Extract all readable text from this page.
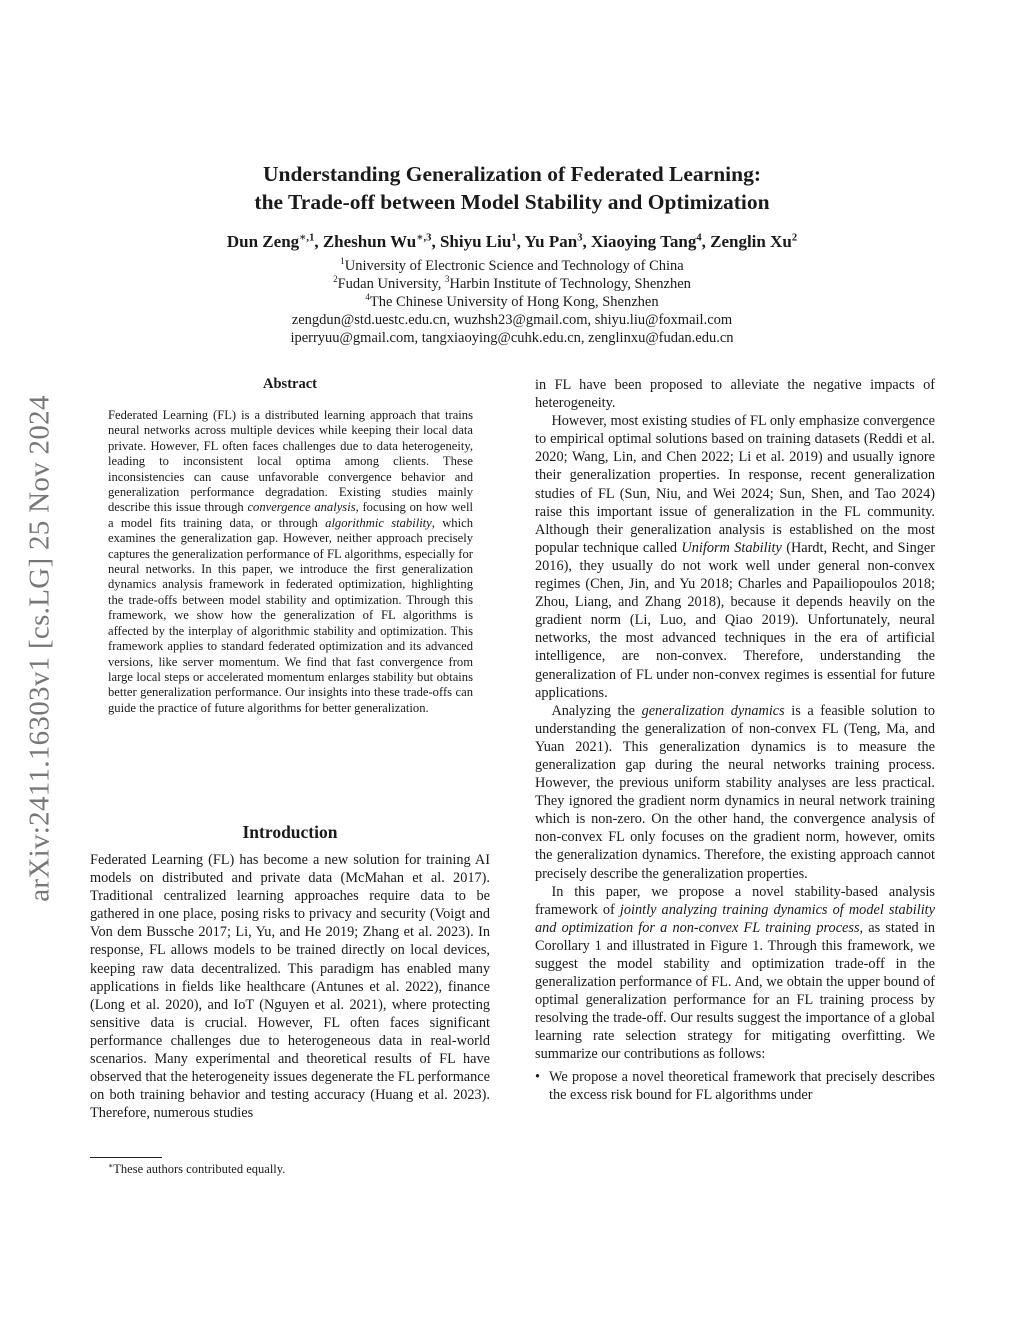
arXiv:2411.16303v1 [cs.LG] 25 Nov 2024
Understanding Generalization of Federated Learning:
the Trade-off between Model Stability and Optimization
Dun Zeng$^{∗,1}$, Zheshun $Wu^{∗,3}$, Shiyu Liu$^1$, Yu Pan$^3$, Xiaoying Tang$^4$, Zenglin Xu$^2$
$^1$University of Electronic Science and Technology of China
$^2$Fudan University, $^3$Harbin Institute of Technology, Shenzhen
$^4$The Chinese University of Hong Kong, Shenzhen
zengdun@std.uestc.edu.cn, wuzhsh23@gmail.com, shiyu.liu@foxmail.com
iperryuu@gmail.com, tangxiaoying@cuhk.edu.cn, zenglinxu@fudan.edu.cn
Abstract
Federated Learning (FL) is a distributed learning approach that trains neural networks across multiple devices while keeping their local data private. However, FL often faces challenges due to data heterogeneity, leading to inconsistent local optima among clients. These inconsistencies can cause unfavorable convergence behavior and generalization performance degradation. Existing studies mainly describe this issue through convergence analysis, focusing on how well a model fits training data, or through algorithmic stability, which examines the generalization gap. However, neither approach precisely captures the generalization performance of FL algorithms, especially for neural networks. In this paper, we introduce the first generalization dynamics analysis framework in federated optimization, highlighting the trade-offs between model stability and optimization. Through this framework, we show how the generalization of FL algorithms is affected by the interplay of algorithmic stability and optimization. This framework applies to standard federated optimization and its advanced versions, like server momentum. We find that fast convergence from large local steps or accelerated momentum enlarges stability but obtains better generalization performance. Our insights into these trade-offs can guide the practice of future algorithms for better generalization.
Introduction
Federated Learning (FL) has become a new solution for training AI models on distributed and private data (McMahan et al. 2017). Traditional centralized learning approaches require data to be gathered in one place, posing risks to privacy and security (Voigt and Von dem Bussche 2017; Li, Yu, and He 2019; Zhang et al. 2023). In response, FL allows models to be trained directly on local devices, keeping raw data decentralized. This paradigm has enabled many applications in fields like healthcare (Antunes et al. 2022), finance (Long et al. 2020), and IoT (Nguyen et al. 2021), where protecting sensitive data is crucial. However, FL often faces significant performance challenges due to heterogeneous data in real-world scenarios. Many experimental and theoretical results of FL have observed that the heterogeneity issues degenerate the FL performance on both training behavior and testing accuracy (Huang et al. 2023). Therefore, numerous studies
∗These authors contributed equally.

in FL have been proposed to alleviate the negative impacts of heterogeneity.

However, most existing studies of FL only emphasize convergence to empirical optimal solutions based on training datasets (Reddi et al. 2020; Wang, Lin, and Chen 2022; Li et al. 2019) and usually ignore their generalization properties. In response, recent generalization studies of FL (Sun, Niu, and Wei 2024; Sun, Shen, and Tao 2024) raise this important issue of generalization in the FL community. Although their generalization analysis is established on the most popular technique called Uniform Stability (Hardt, Recht, and Singer 2016), they usually do not work well under general non-convex regimes (Chen, Jin, and Yu 2018; Charles and Papailiopoulos 2018; Zhou, Liang, and Zhang 2018), because it depends heavily on the gradient norm (Li, Luo, and Qiao 2019). Unfortunately, neural networks, the most advanced techniques in the era of artificial intelligence, are non-convex. Therefore, understanding the generalization of FL under non-convex regimes is essential for future applications.

Analyzing the generalization dynamics is a feasible solution to understanding the generalization of non-convex FL (Teng, Ma, and Yuan 2021). This generalization dynamics is to measure the generalization gap during the neural networks training process. However, the previous uniform stability analyses are less practical. They ignored the gradient norm dynamics in neural network training which is non-zero. On the other hand, the convergence analysis of non-convex FL only focuses on the gradient norm, however, omits the generalization dynamics. Therefore, the existing approach cannot precisely describe the generalization properties.

In this paper, we propose a novel stability-based analysis framework of jointly analyzing training dynamics of model stability and optimization for a non-convex FL training process, as stated in Corollary 1 and illustrated in Figure 1. Through this framework, we suggest the model stability and optimization trade-off in the generalization performance of FL. And, we obtain the upper bound of optimal generalization performance for an FL training process by resolving the trade-off. Our results suggest the importance of a global learning rate selection strategy for mitigating overfitting. We summarize our contributions as follows:

• We propose a novel theoretical framework that precisely describes the excess risk bound for FL algorithms under
